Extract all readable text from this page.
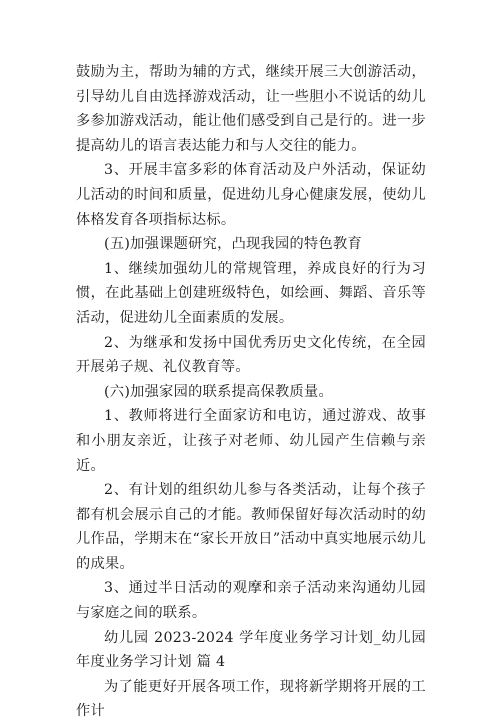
鼓励为主，帮助为辅的方式，继续开展三大创游活动，引导幼儿自由选择游戏活动，让一些胆小不说话的幼儿多参加游戏活动，能让他们感受到自己是行的。进一步提高幼儿的语言表达能力和与人交往的能力。

3、开展丰富多彩的体育活动及户外活动，保证幼儿活动的时间和质量，促进幼儿身心健康发展，使幼儿体格发育各项指标达标。

(五)加强课题研究，凸现我园的特色教育

1、继续加强幼儿的常规管理，养成良好的行为习惯，在此基础上创建班级特色，如绘画、舞蹈、音乐等活动，促进幼儿全面素质的发展。

2、为继承和发扬中国优秀历史文化传统，在全园开展弟子规、礼仪教育等。

(六)加强家园的联系提高保教质量。

1、教师将进行全面家访和电访，通过游戏、故事和小朋友亲近，让孩子对老师、幼儿园产生信赖与亲近。

2、有计划的组织幼儿参与各类活动，让每个孩子都有机会展示自己的才能。教师保留好每次活动时的幼儿作品，学期末在“家长开放日”活动中真实地展示幼儿的成果。

3、通过半日活动的观摩和亲子活动来沟通幼儿园与家庭之间的联系。

幼儿园 2023-2024 学年度业务学习计划_幼儿园年度业务学习计划 篇 4

为了能更好开展各项工作，现将新学期将开展的工作计
